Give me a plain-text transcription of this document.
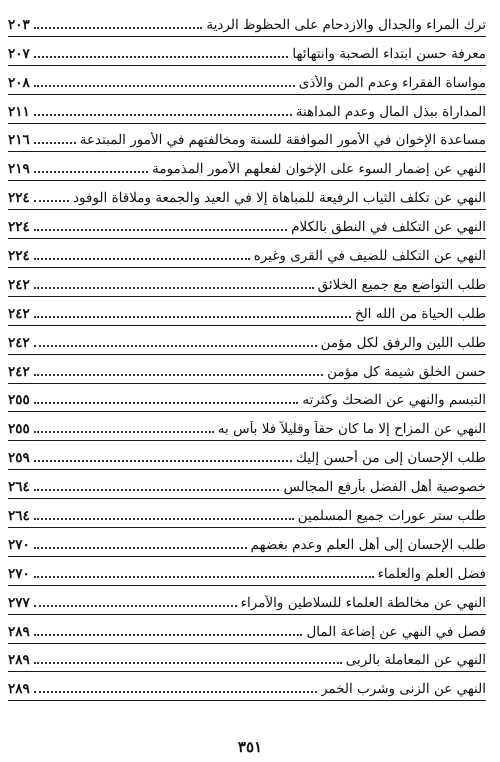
ترك المراء والجدال والازدحام على الحظوظ الردية
٢٠٣
معرفة حسن ابتداء الصحبة وانتهائها
٢٠٧
مواساة الفقراء وعدم المن والأذى
٢٠٨
المداراة ببذل المال وعدم المداهنة
٢١١
مساعدة الإخوان في الأمور الموافقة للسنة ومخالفتهم في الأمور المبتدعة
٢١٦
النهي عن إضمار السوء على الإخوان لفعلهم الأمور المذمومة
٢١٩
النهي عن تكلف الثياب الرفيعة للمباهاة إلا في العيد والجمعة وملاقاة الوفود
٢٢٤
النهي عن التكلف في النطق بالكلام
٢٢٤
النهي عن التكلف للضيف في القرى وغيره
٢٢٤
طلب التواضع مع جميع الخلائق
٢٤٢
طلب الحياة من الله الخ
٢٤٢
طلب اللين والرفق لكل مؤمن
٢٤٢
حسن الخلق شيمة كل مؤمن
٢٤٢
التبسم والنهي عن الضحك وكثرته
٢٥٥
النهي عن المزاح إلا ما كان حقاً وقليلاً فلا بأس به
٢٥٥
طلب الإحسان إلى من أحسن إليك
٢٥٩
خصوصية أهل الفضل بأرفع المجالس
٢٦٤
طلب ستر عورات جميع المسلمين
٢٦٤
طلب الإحسان إلى أهل العلم وعدم بغضهم
٢٧٠
فضل العلم والعلماء
٢٧٠
النهي عن مخالطة العلماء للسلاطين والأمراء
٢٧٧
فصل في النهي عن إضاعة المال
٢٨٩
النهي عن المعاملة بالربى
٢٨٩
النهي عن الزنى وشرب الخمر
٢٨٩
٣٥١
